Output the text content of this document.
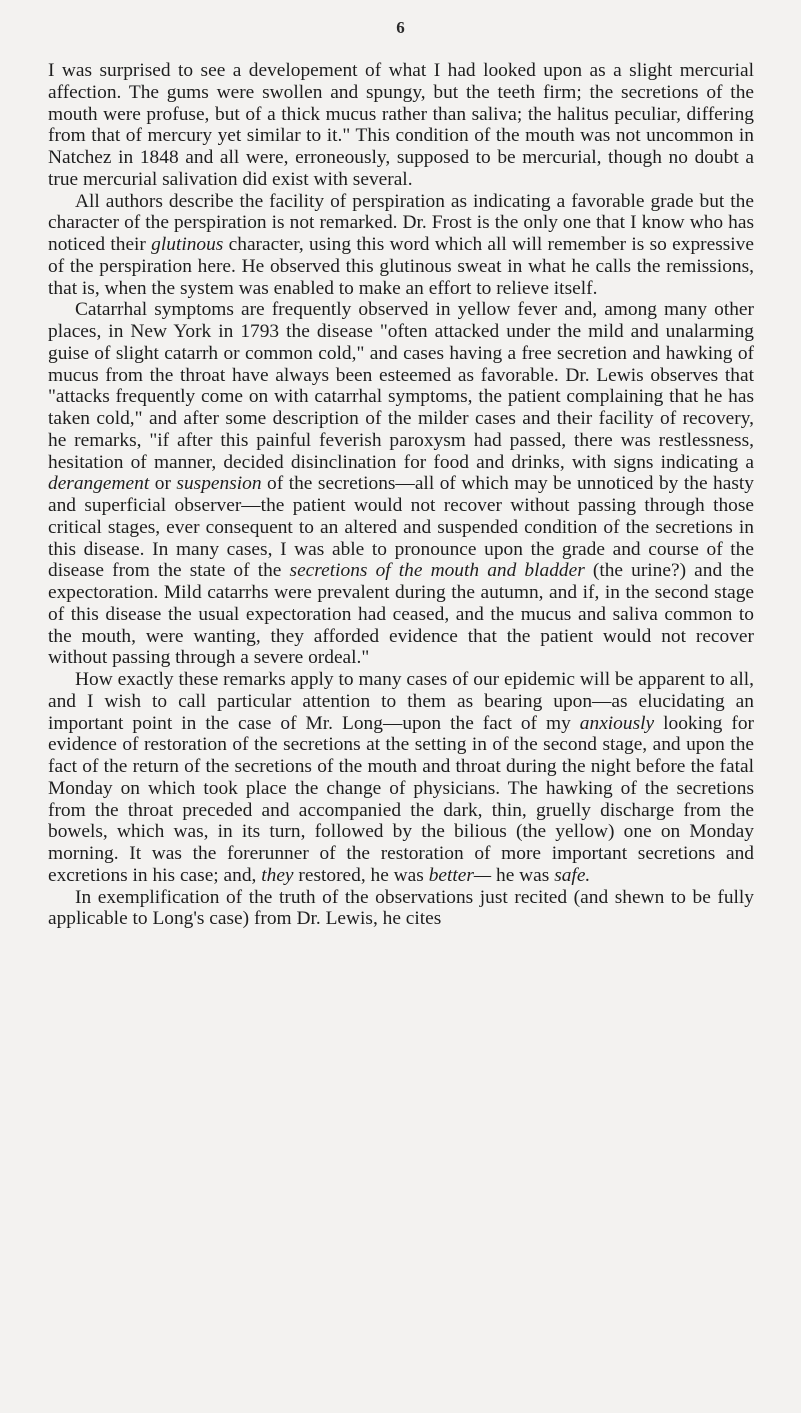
6

I was surprised to see a developement of what I had looked upon as a slight mercurial affection. The gums were swollen and spungy, but the teeth firm; the secretions of the mouth were profuse, but of a thick mucus rather than saliva; the halitus peculiar, differing from that of mercury yet similar to it." This condition of the mouth was not uncommon in Natchez in 1848 and all were, erroneously, supposed to be mercurial, though no doubt a true mercurial salivation did exist with several.

All authors describe the facility of perspiration as indicating a favorable grade but the character of the perspiration is not remarked. Dr. Frost is the only one that I know who has noticed their glutinous character, using this word which all will remember is so expressive of the perspiration here. He observed this glutinous sweat in what he calls the remissions, that is, when the system was enabled to make an effort to relieve itself.

Catarrhal symptoms are frequently observed in yellow fever and, among many other places, in New York in 1793 the disease "often attacked under the mild and unalarming guise of slight catarrh or common cold," and cases having a free secretion and hawking of mucus from the throat have always been esteemed as favorable. Dr. Lewis observes that "attacks frequently come on with catarrhal symptoms, the patient complaining that he has taken cold," and after some description of the milder cases and their facility of recovery, he remarks, "if after this painful feverish paroxysm had passed, there was restlessness, hesitation of manner, decided disinclination for food and drinks, with signs indicating a derangement or suspension of the secretions—all of which may be unnoticed by the hasty and superficial observer—the patient would not recover without passing through those critical stages, ever consequent to an altered and suspended condition of the secretions in this disease. In many cases, I was able to pronounce upon the grade and course of the disease from the state of the secretions of the mouth and bladder (the urine?) and the expectoration. Mild catarrhs were prevalent during the autumn, and if, in the second stage of this disease the usual expectoration had ceased, and the mucus and saliva common to the mouth, were wanting, they afforded evidence that the patient would not recover without passing through a severe ordeal."

How exactly these remarks apply to many cases of our epidemic will be apparent to all, and I wish to call particular attention to them as bearing upon—as elucidating an important point in the case of Mr. Long—upon the fact of my anxiously looking for evidence of restoration of the secretions at the setting in of the second stage, and upon the fact of the return of the secretions of the mouth and throat during the night before the fatal Monday on which took place the change of physicians. The hawking of the secretions from the throat preceded and accompanied the dark, thin, gruelly discharge from the bowels, which was, in its turn, followed by the bilious (the yellow) one on Monday morning. It was the forerunner of the restoration of more important secretions and excretions in his case; and, they restored, he was better— he was safe.

In exemplification of the truth of the observations just recited (and shewn to be fully applicable to Long's case) from Dr. Lewis, he cites
